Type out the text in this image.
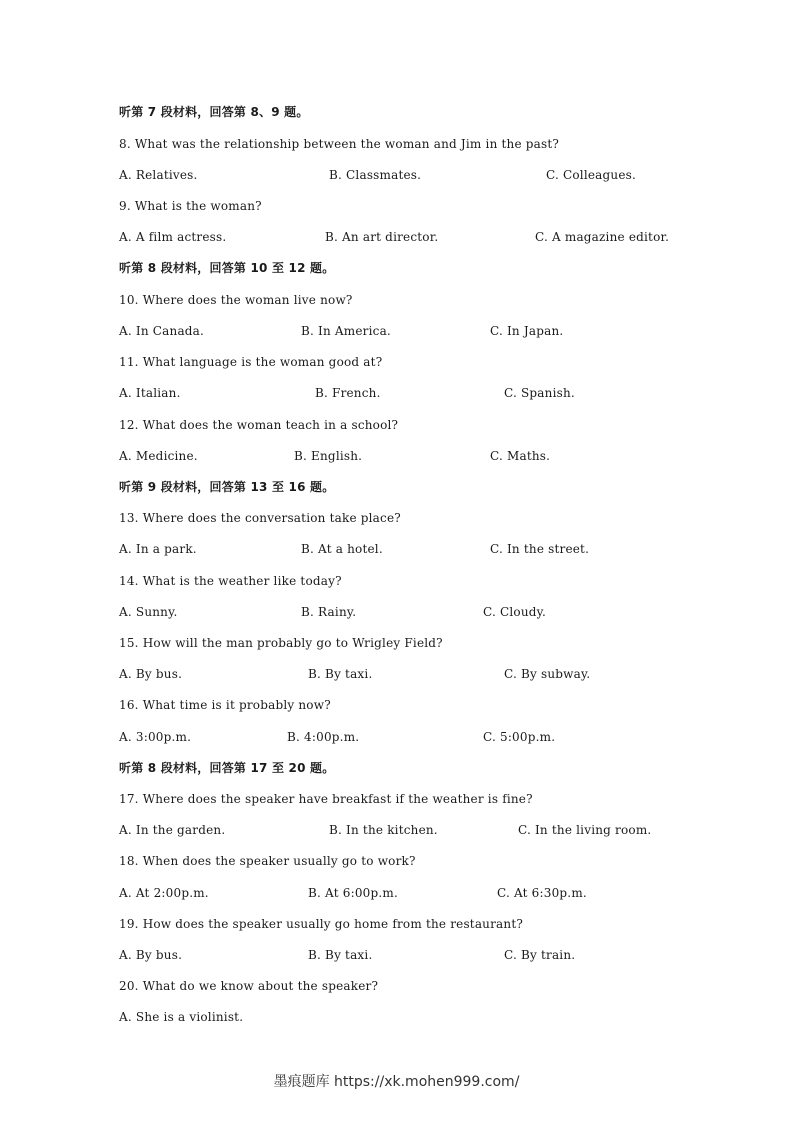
听第 7 段材料，回答第 8、9 题。
8. What was the relationship between the woman and Jim in the past?
A. Relatives.	B. Classmates.	C. Colleagues.
9. What is the woman?
A. A film actress.	B. An art director.	C. A magazine editor.
听第 8 段材料，回答第 10 至 12 题。
10. Where does the woman live now?
A. In Canada.	B. In America.	C. In Japan.
11. What language is the woman good at?
A. Italian.	B. French.	C. Spanish.
12. What does the woman teach in a school?
A. Medicine.	B. English.	C. Maths.
听第 9 段材料，回答第 13 至 16 题。
13. Where does the conversation take place?
A. In a park.	B. At a hotel.	C. In the street.
14. What is the weather like today?
A. Sunny.	B. Rainy.	C. Cloudy.
15. How will the man probably go to Wrigley Field?
A. By bus.	B. By taxi.	C. By subway.
16. What time is it probably now?
A. 3:00p.m.	B. 4:00p.m.	C. 5:00p.m.
听第 8 段材料，回答第 17 至 20 题。
17. Where does the speaker have breakfast if the weather is fine?
A. In the garden.	B. In the kitchen.	C. In the living room.
18. When does the speaker usually go to work?
A. At 2:00p.m.	B. At 6:00p.m.	C. At 6:30p.m.
19. How does the speaker usually go home from the restaurant?
A. By bus.	B. By taxi.	C. By train.
20. What do we know about the speaker?
A. She is a violinist.
墨痕题库 https://xk.mohen999.com/
